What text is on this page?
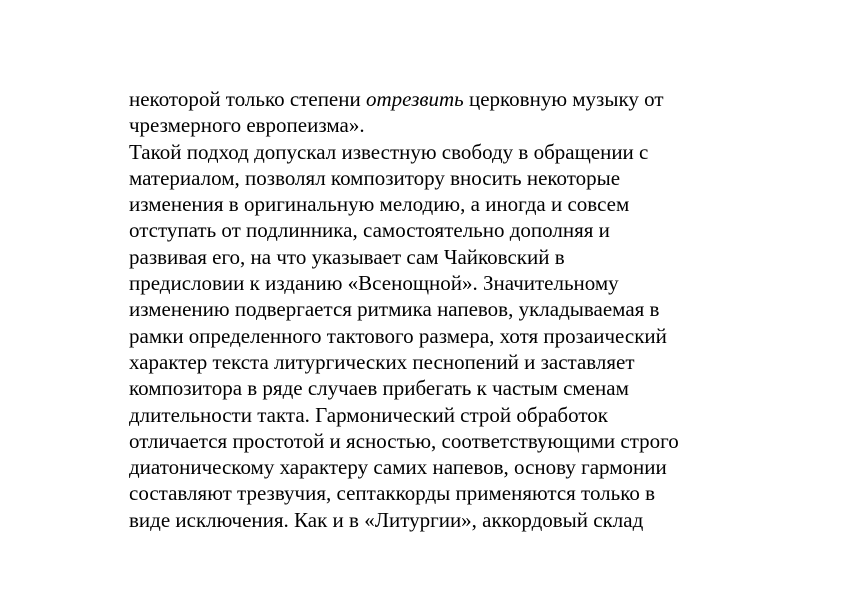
некоторой только степени отрезвить церковную музыку от
чрезмерного европеизма».
Такой подход допускал известную свободу в обращении с
материалом, позволял композитору вносить некоторые
изменения в оригинальную мелодию, а иногда и совсем
отступать от подлинника, самостоятельно дополняя и
развивая его, на что указывает сам Чайковский в
предисловии к изданию «Всенощной». Значительному
изменению подвергается ритмика напевов, укладываемая в
рамки определенного тактового размера, хотя прозаический
характер текста литургических песнопений и заставляет
композитора в ряде случаев прибегать к частым сменам
длительности такта. Гармонический строй обработок
отличается простотой и ясностью, соответствующими строго
диатоническому характеру самих напевов, основу гармонии
составляют трезвучия, септаккорды применяются только в
виде исключения. Как и в «Литургии», аккордовый склад
